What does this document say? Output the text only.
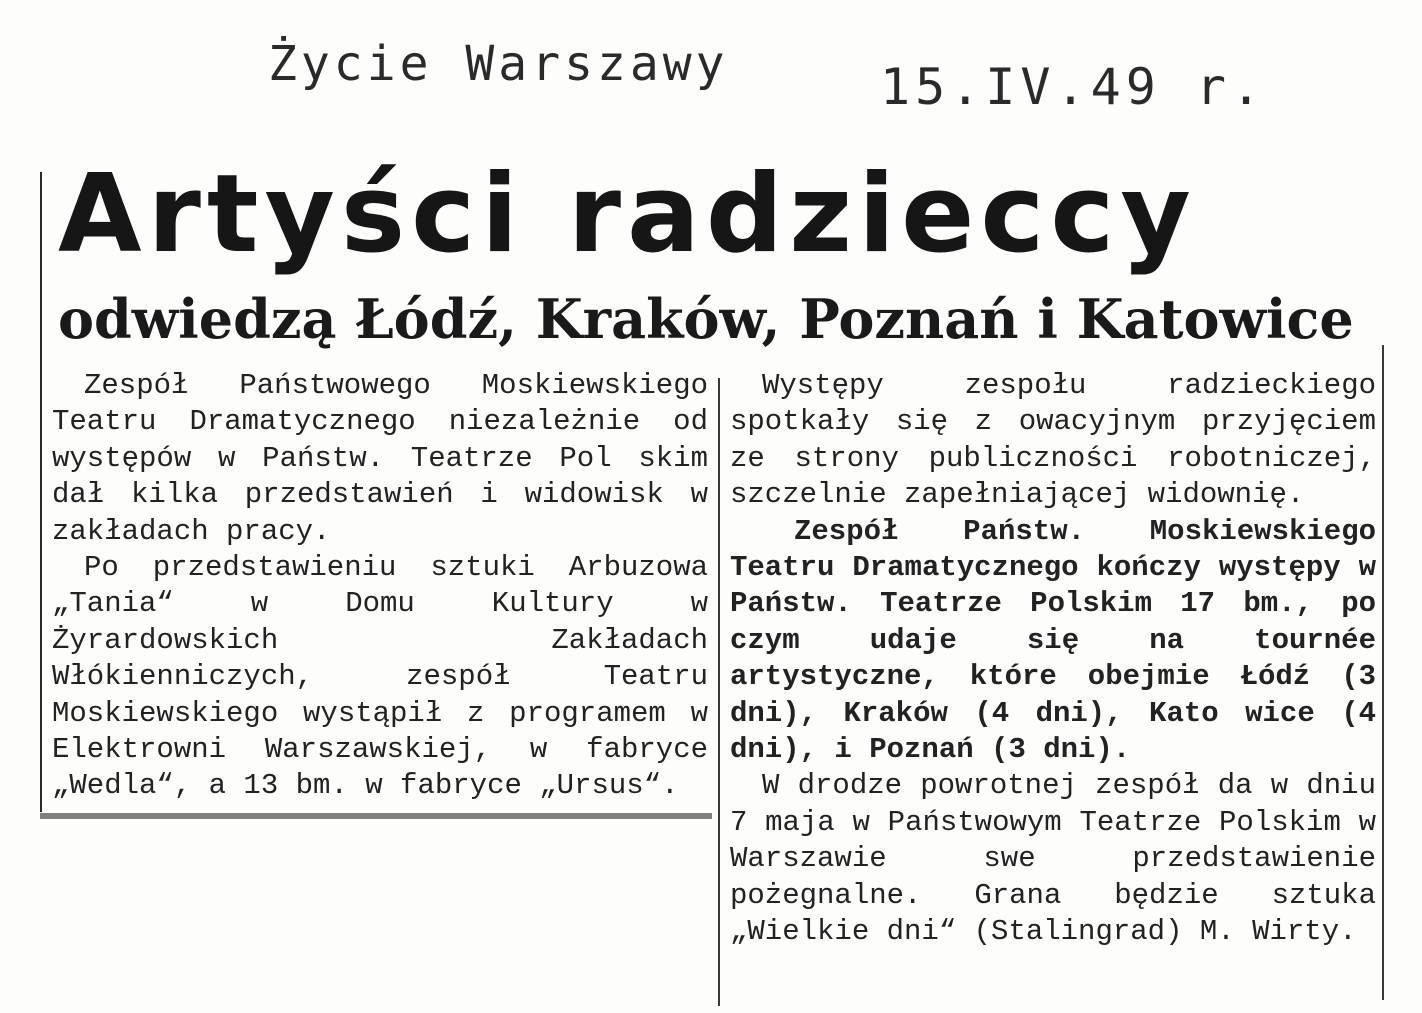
Życie Warszawy	15.IV.49 r.
Artyści radzieccy
odwiedzą Łódź, Kraków, Poznań i Katowice

Zespół Państwowego Moskiewskiego Teatru Dramatycznego niezależnie od występów w Państw. Teatrze Pol skim dał kilka przedstawień i widowisk w zakładach pracy.

Po przedstawieniu sztuki Arbuzowa „Tania“ w Domu Kultury w Żyrardowskich Zakładach Włókienniczych, zespół Teatru Moskiewskiego wystąpił z programem w Elektrowni Warszawskiej, w fabryce „Wedla“, a 13 bm. w fabryce „Ursus“.

Występy zespołu radzieckiego spotkały się z owacyjnym przyjęciem ze strony publiczności robotniczej, szczelnie zapełniającej widownię.

Zespół Państw. Moskiewskiego Teatru Dramatycznego kończy występy w Państw. Teatrze Polskim 17 bm., po czym udaje się na tournée artystyczne, które obejmie Łódź (3 dni), Kraków (4 dni), Kato wice (4 dni), i Poznań (3 dni).

W drodze powrotnej zespół da w dniu 7 maja w Państwowym Teatrze Polskim w Warszawie swe przedstawienie pożegnalne. Grana będzie sztuka „Wielkie dni“ (Stalingrad) M. Wirty.
